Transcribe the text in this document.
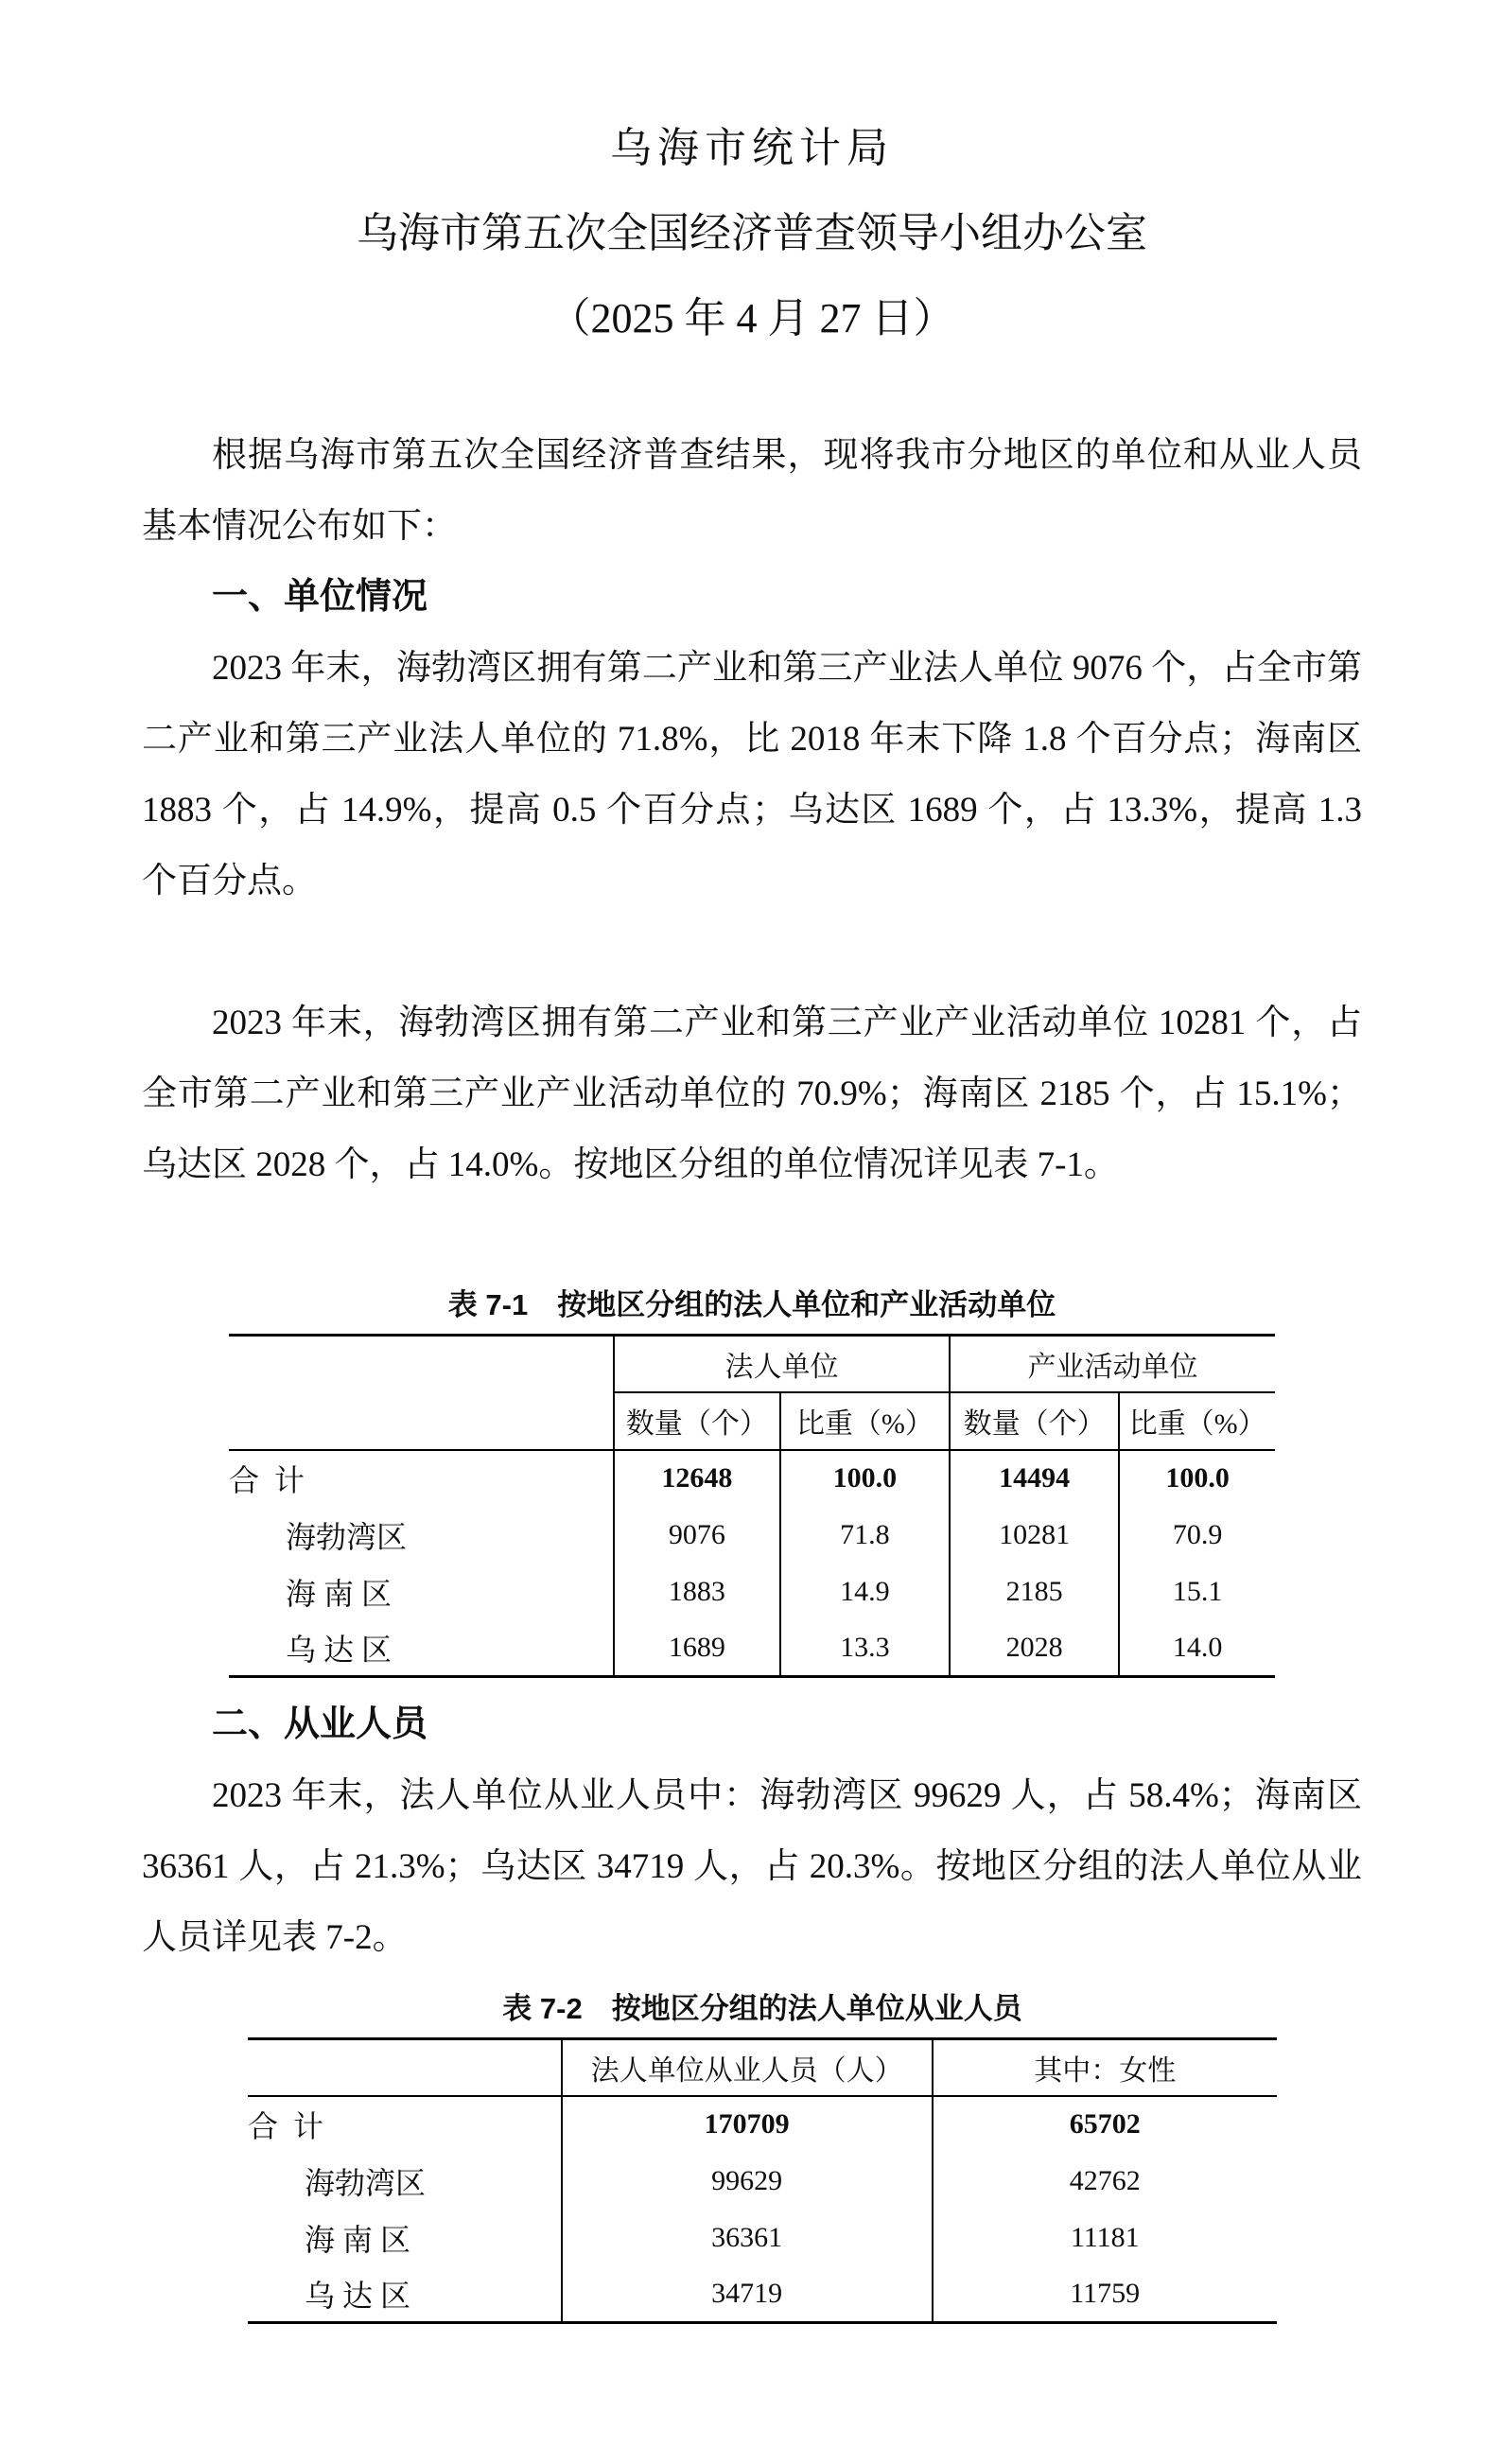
乌海市统计局
乌海市第五次全国经济普查领导小组办公室
（2025 年 4 月 27 日）

根据乌海市第五次全国经济普查结果，现将我市分地区的单位和从业人员基本情况公布如下：

一、单位情况

2023 年末，海勃湾区拥有第二产业和第三产业法人单位 9076 个，占全市第二产业和第三产业法人单位的 71.8%，比 2018 年末下降 1.8 个百分点；海南区 1883 个，占 14.9%，提高 0.5 个百分点；乌达区 1689 个，占 13.3%，提高 1.3 个百分点。

2023 年末，海勃湾区拥有第二产业和第三产业产业活动单位 10281 个，占全市第二产业和第三产业产业活动单位的 70.9%；海南区 2185 个，占 15.1%；乌达区 2028 个，占 14.0%。按地区分组的单位情况详见表 7-1。

表 7-1　按地区分组的法人单位和产业活动单位
	法人单位		产业活动单位	
	数量（个）	比重（%）	数量（个）	比重（%）
合  计	12648	100.0	14494	100.0
海勃湾区	9076	71.8	10281	70.9
海 南 区	1883	14.9	2185	15.1
乌 达 区	1689	13.3	2028	14.0
二、从业人员

2023 年末，法人单位从业人员中：海勃湾区 99629 人，占 58.4%；海南区 36361 人，占 21.3%；乌达区 34719 人，占 20.3%。按地区分组的法人单位从业人员详见表 7-2。

表 7-2　按地区分组的法人单位从业人员
	法人单位从业人员（人）	其中：女性
合  计	170709	65702
海勃湾区	99629	42762
海 南 区	36361	11181
乌 达 区	34719	11759
